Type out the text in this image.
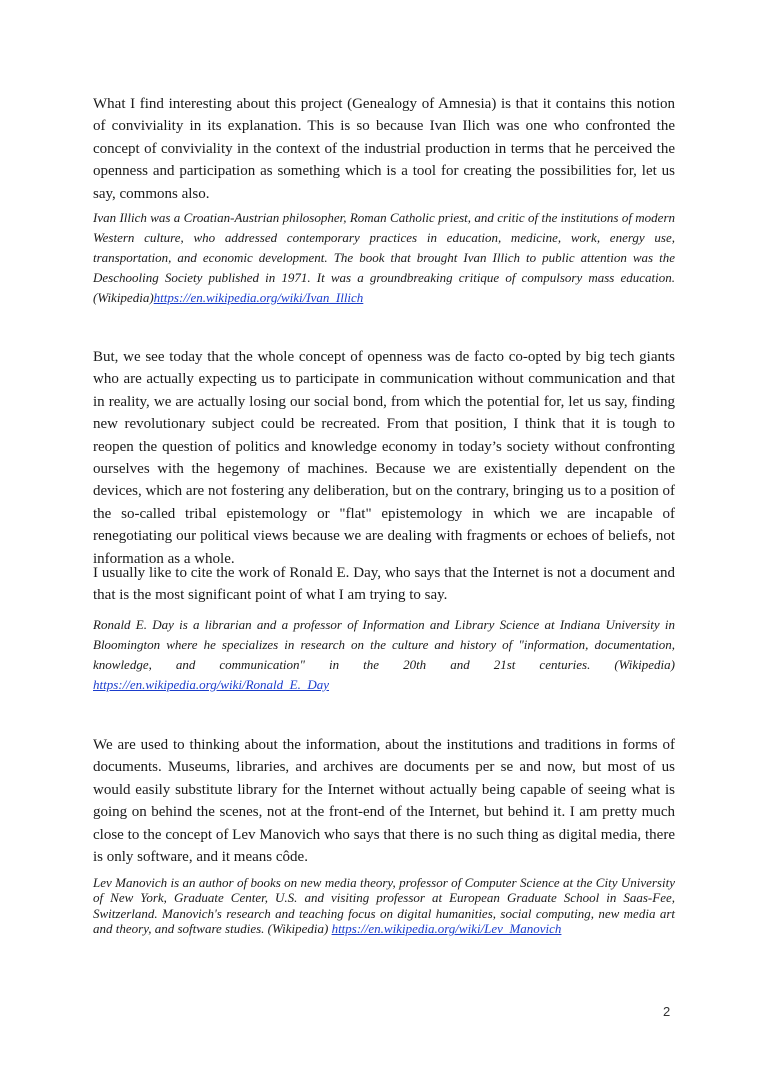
What I find interesting about this project (Genealogy of Amnesia) is that it contains this notion of conviviality in its explanation. This is so because Ivan Ilich was one who confronted the concept of conviviality in the context of the industrial production in terms that he perceived the openness and participation as something which is a tool for creating the possibilities for, let us say, commons also.

Ivan Illich was a Croatian-Austrian philosopher, Roman Catholic priest, and critic of the institutions of modern Western culture, who addressed contemporary practices in education, medicine, work, energy use, transportation, and economic development. The book that brought Ivan Illich to public attention was the Deschooling Society published in 1971. It was a groundbreaking critique of compulsory mass education. (Wikipedia)https://en.wikipedia.org/wiki/Ivan_Illich

But, we see today that the whole concept of openness was de facto co-opted by big tech giants who are actually expecting us to participate in communication without communication and that in reality, we are actually losing our social bond, from which the potential for, let us say, finding new revolutionary subject could be recreated. From that position, I think that it is tough to reopen the question of politics and knowledge economy in today’s society without confronting ourselves with the hegemony of machines. Because we are existentially dependent on the devices, which are not fostering any deliberation, but on the contrary, bringing us to a position of the so-called tribal epistemology or "flat" epistemology in which we are incapable of renegotiating our political views because we are dealing with fragments or echoes of beliefs, not information as a whole.

I usually like to cite the work of Ronald E. Day, who says that the Internet is not a document and that is the most significant point of what I am trying to say.

Ronald E. Day is a librarian and a professor of Information and Library Science at Indiana University in Bloomington where he specializes in research on the culture and history of "information, documentation, knowledge, and communication" in the 20th and 21st centuries. (Wikipedia) https://en.wikipedia.org/wiki/Ronald_E._Day

We are used to thinking about the information, about the institutions and traditions in forms of documents. Museums, libraries, and archives are documents per se and now, but most of us would easily substitute library for the Internet without actually being capable of seeing what is going on behind the scenes, not at the front-end of the Internet, but behind it. I am pretty much close to the concept of Lev Manovich who says that there is no such thing as digital media, there is only software, and it means côde.

Lev Manovich is an author of books on new media theory, professor of Computer Science at the City University of New York, Graduate Center, U.S. and visiting professor at European Graduate School in Saas-Fee, Switzerland. Manovich's research and teaching focus on digital humanities, social computing, new media art and theory, and software studies. (Wikipedia) https://en.wikipedia.org/wiki/Lev_Manovich

2
